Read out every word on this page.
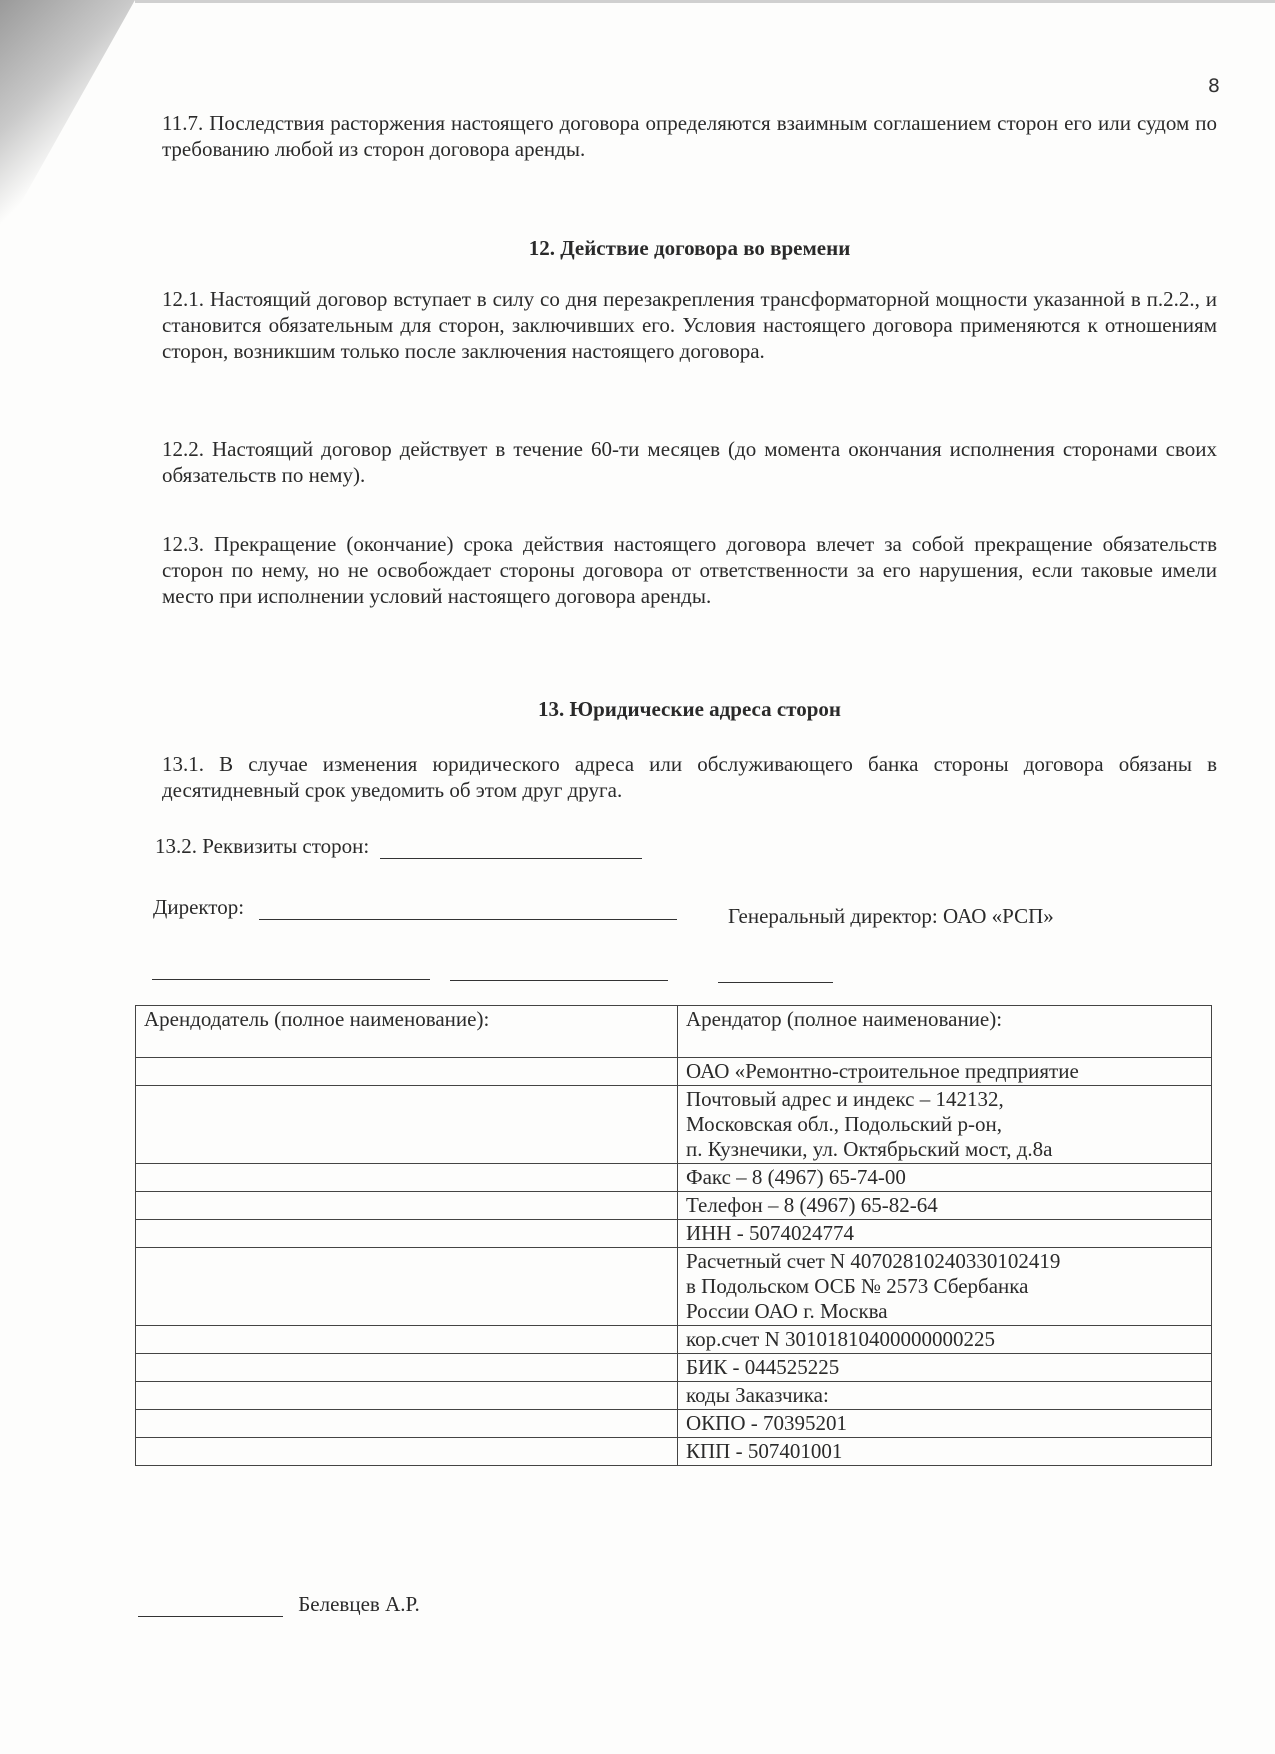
8
11.7. Последствия расторжения настоящего договора определяются взаимным соглашением сторон его или судом по требованию любой из сторон договора аренды.
12. Действие договора во времени
12.1. Настоящий договор вступает в силу со дня перезакрепления трансформаторной мощности указанной в п.2.2., и становится обязательным для сторон, заключивших его. Условия настоящего договора применяются к отношениям сторон, возникшим только после заключения настоящего договора.
12.2. Настоящий договор действует в течение 60-ти месяцев (до момента окончания исполнения сторонами своих обязательств по нему).
12.3. Прекращение (окончание) срока действия настоящего договора влечет за собой прекращение обязательств сторон по нему, но не освобождает стороны договора от ответственности за его нарушения, если таковые имели место при исполнении условий настоящего договора аренды.
13. Юридические адреса сторон
13.1. В случае изменения юридического адреса или обслуживающего банка стороны договора обязаны в десятидневный срок уведомить об этом друг друга.
13.2. Реквизиты сторон:
Директор:	Генеральный директор: ОАО «РСП»
Арендодатель (полное наименование):	Арендатор (полное наименование):
	ОАО «Ремонтно-строительное предприятие
	Почтовый адрес и индекс – 142132,
Московская обл., Подольский р-он,
п. Кузнечики, ул. Октябрьский мост, д.8а
	Факс – 8 (4967) 65-74-00
	Телефон – 8 (4967) 65-82-64
	ИНН - 5074024774
	Расчетный счет N 40702810240330102419
в Подольском ОСБ № 2573 Сбербанка
России ОАО г. Москва
	кор.счет N 30101810400000000225
	БИК - 044525225
	коды Заказчика:
	ОКПО - 70395201
	КПП - 507401001
Белевцев А.Р.
